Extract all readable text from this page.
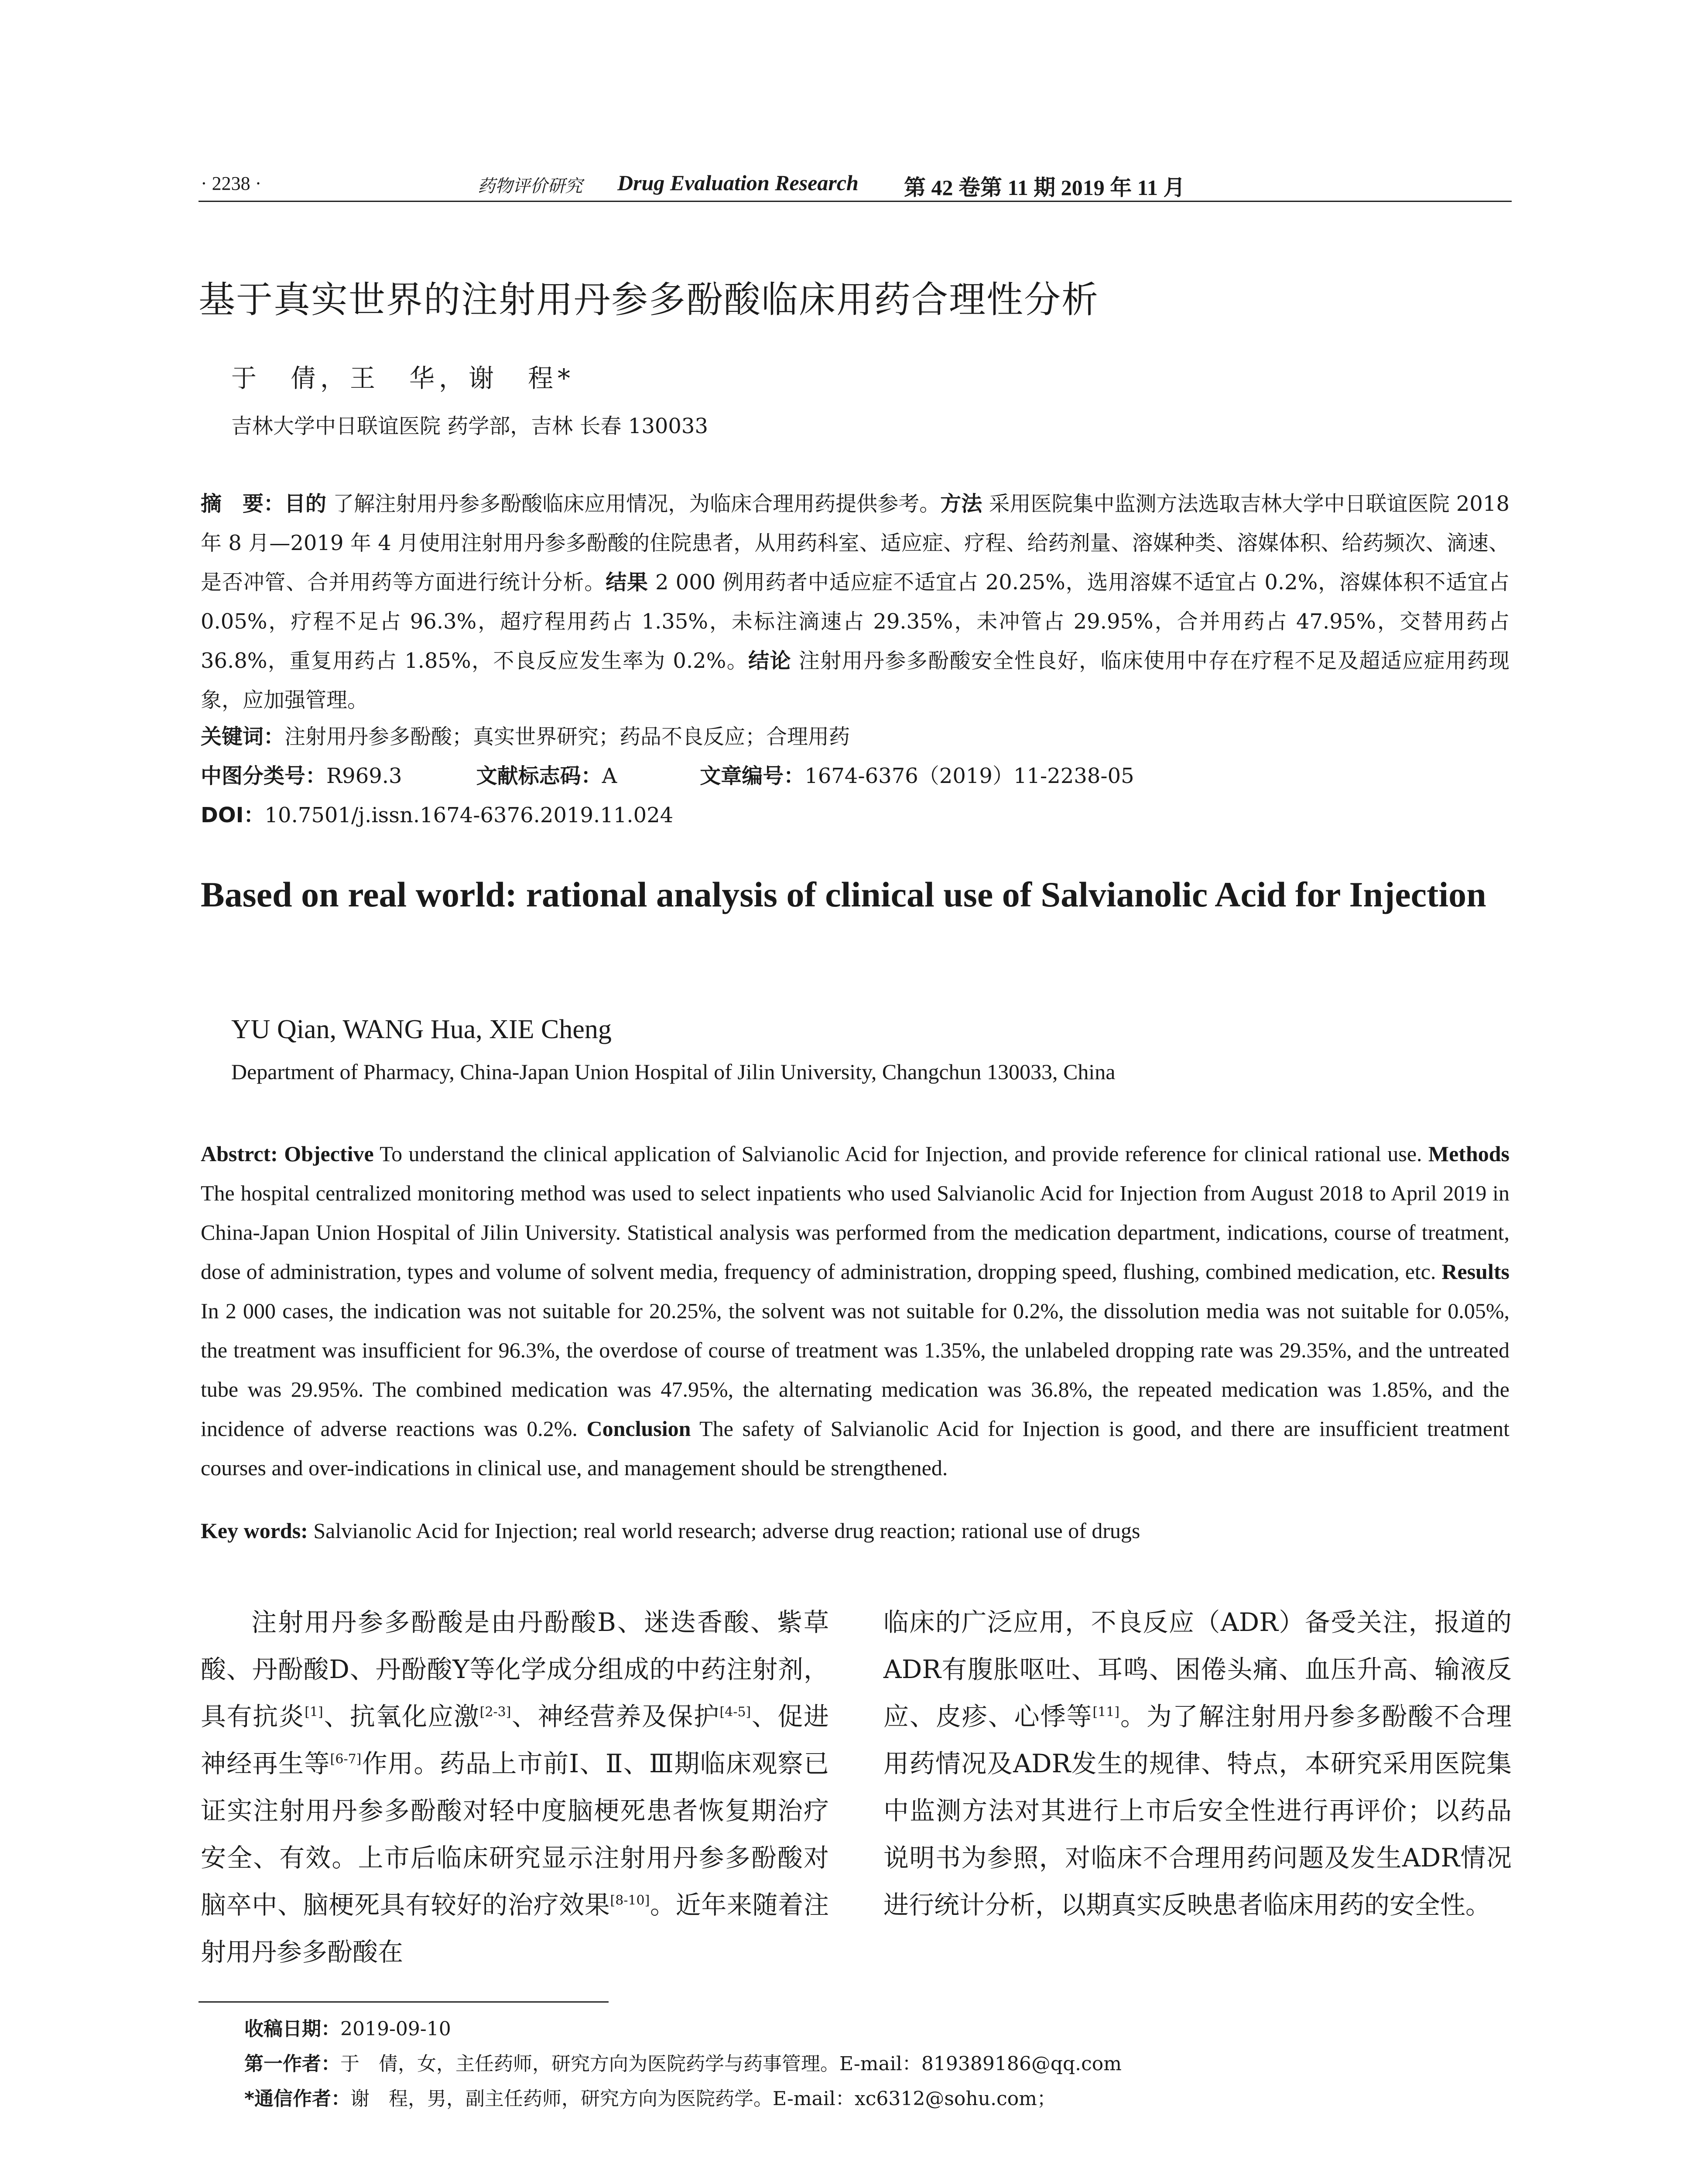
· 2238 ·	药物评价研究 Drug Evaluation Research 第 42 卷第 11 期 2019 年 11 月
基于真实世界的注射用丹参多酚酸临床用药合理性分析
于　倩，王　华，谢　程*
吉林大学中日联谊医院 药学部，吉林 长春 130033
摘　要：目的 了解注射用丹参多酚酸临床应用情况，为临床合理用药提供参考。方法 采用医院集中监测方法选取吉林大学中日联谊医院 2018 年 8 月—2019 年 4 月使用注射用丹参多酚酸的住院患者，从用药科室、适应症、疗程、给药剂量、溶媒种类、溶媒体积、给药频次、滴速、是否冲管、合并用药等方面进行统计分析。结果 2 000 例用药者中适应症不适宜占 20.25%，选用溶媒不适宜占 0.2%，溶媒体积不适宜占 0.05%，疗程不足占 96.3%，超疗程用药占 1.35%，未标注滴速占 29.35%，未冲管占 29.95%，合并用药占 47.95%，交替用药占 36.8%，重复用药占 1.85%，不良反应发生率为 0.2%。结论 注射用丹参多酚酸安全性良好，临床使用中存在疗程不足及超适应症用药现象，应加强管理。
关键词：注射用丹参多酚酸；真实世界研究；药品不良反应；合理用药
中图分类号：R969.3	文献标志码：A	文章编号：1674-6376（2019）11-2238-05
DOI：10.7501/j.issn.1674-6376.2019.11.024
Based on real world: rational analysis of clinical use of Salvianolic Acid for Injection
YU Qian, WANG Hua, XIE Cheng
Department of Pharmacy, China-Japan Union Hospital of Jilin University, Changchun 130033, China
Abstrct: Objective To understand the clinical application of Salvianolic Acid for Injection, and provide reference for clinical rational use. Methods The hospital centralized monitoring method was used to select inpatients who used Salvianolic Acid for Injection from August 2018 to April 2019 in China-Japan Union Hospital of Jilin University. Statistical analysis was performed from the medication department, indications, course of treatment, dose of administration, types and volume of solvent media, frequency of administration, dropping speed, flushing, combined medication, etc. Results In 2 000 cases, the indication was not suitable for 20.25%, the solvent was not suitable for 0.2%, the dissolution media was not suitable for 0.05%, the treatment was insufficient for 96.3%, the overdose of course of treatment was 1.35%, the unlabeled dropping rate was 29.35%, and the untreated tube was 29.95%. The combined medication was 47.95%, the alternating medication was 36.8%, the repeated medication was 1.85%, and the incidence of adverse reactions was 0.2%. Conclusion The safety of Salvianolic Acid for Injection is good, and there are insufficient treatment courses and over-indications in clinical use, and management should be strengthened.
Key words: Salvianolic Acid for Injection; real world research; adverse drug reaction; rational use of drugs
注射用丹参多酚酸是由丹酚酸B、迷迭香酸、紫草酸、丹酚酸D、丹酚酸Y等化学成分组成的中药注射剂，具有抗炎[1]、抗氧化应激[2-3]、神经营养及保护[4-5]、促进神经再生等[6-7]作用。药品上市前Ⅰ、Ⅱ、Ⅲ期临床观察已证实注射用丹参多酚酸对轻中度脑梗死患者恢复期治疗安全、有效。上市后临床研究显示注射用丹参多酚酸对脑卒中、脑梗死具有较好的治疗效果[8-10]。近年来随着注射用丹参多酚酸在
临床的广泛应用，不良反应（ADR）备受关注，报道的ADR有腹胀呕吐、耳鸣、困倦头痛、血压升高、输液反应、皮疹、心悸等[11]。为了解注射用丹参多酚酸不合理用药情况及ADR发生的规律、特点，本研究采用医院集中监测方法对其进行上市后安全性进行再评价；以药品说明书为参照，对临床不合理用药问题及发生ADR情况进行统计分析，以期真实反映患者临床用药的安全性。
收稿日期：2019-09-10
第一作者：于　倩，女，主任药师，研究方向为医院药学与药事管理。E-mail：819389186@qq.com
*通信作者：谢　程，男，副主任药师，研究方向为医院药学。E-mail：xc6312@sohu.com；
